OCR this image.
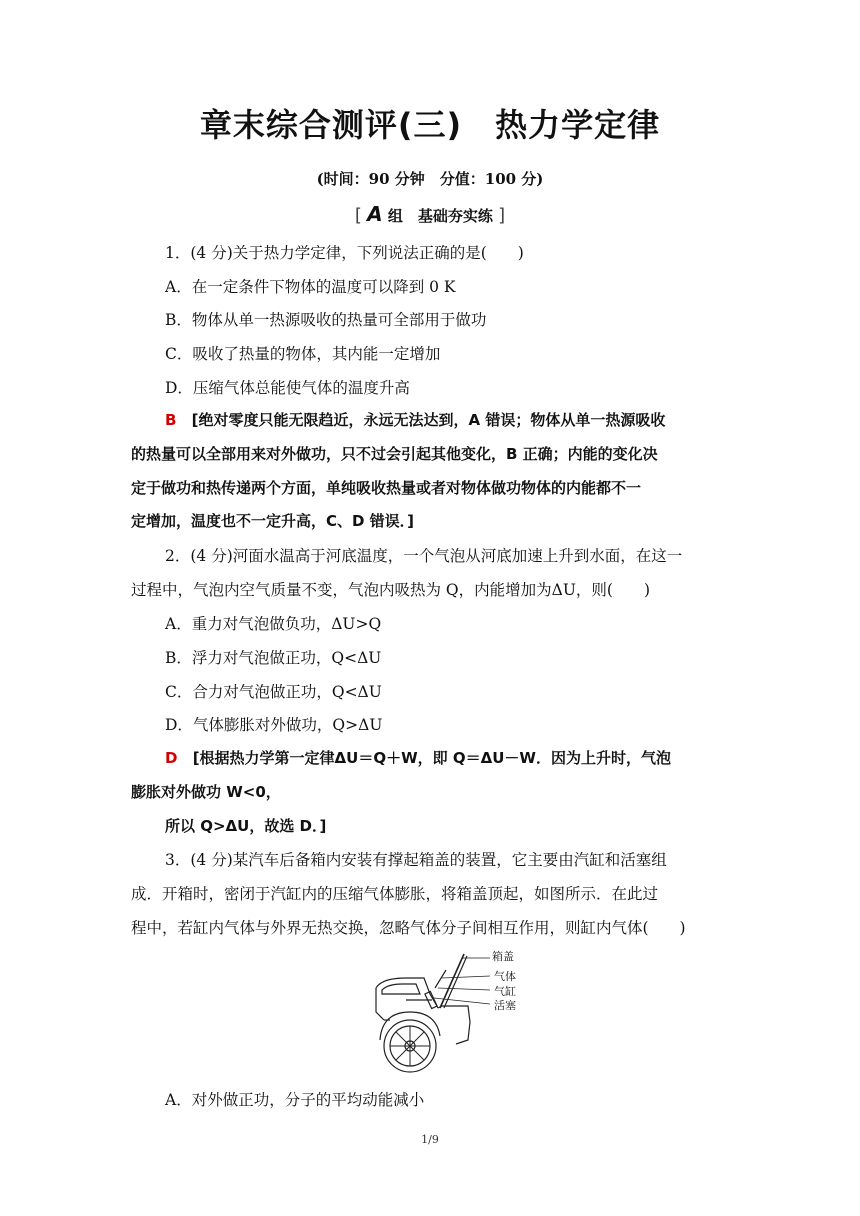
章末综合测评(三)　热力学定律
(时间：90 分钟　分值：100 分)
[ A 组　基础夯实练 ]
1．(4 分)关于热力学定律，下列说法正确的是(　　)
A．在一定条件下物体的温度可以降到 0 K
B．物体从单一热源吸收的热量可全部用于做功
C．吸收了热量的物体，其内能一定增加
D．压缩气体总能使气体的温度升高
B [绝对零度只能无限趋近，永远无法达到，A 错误；物体从单一热源吸收
的热量可以全部用来对外做功，只不过会引起其他变化，B 正确；内能的变化决
定于做功和热传递两个方面，单纯吸收热量或者对物体做功物体的内能都不一
定增加，温度也不一定升高，C、D 错误．]
2．(4 分)河面水温高于河底温度，一个气泡从河底加速上升到水面，在这一
过程中，气泡内空气质量不变，气泡内吸热为 Q，内能增加为ΔU，则(　　)
A．重力对气泡做负功，ΔU>Q
B．浮力对气泡做正功，Q<ΔU
C．合力对气泡做正功，Q<ΔU
D．气体膨胀对外做功，Q>ΔU
D [根据热力学第一定律ΔU＝Q＋W，即 Q＝ΔU－W．因为上升时，气泡
膨胀对外做功 W<0，
所以 Q>ΔU，故选 D．]
3．(4 分)某汽车后备箱内安装有撑起箱盖的装置，它主要由汽缸和活塞组
成．开箱时，密闭于汽缸内的压缩气体膨胀，将箱盖顶起，如图所示．在此过
程中，若缸内气体与外界无热交换，忽略气体分子间相互作用，则缸内气体(　　)
箱盖
气体
气缸
活塞
A．对外做正功，分子的平均动能减小
1/9
